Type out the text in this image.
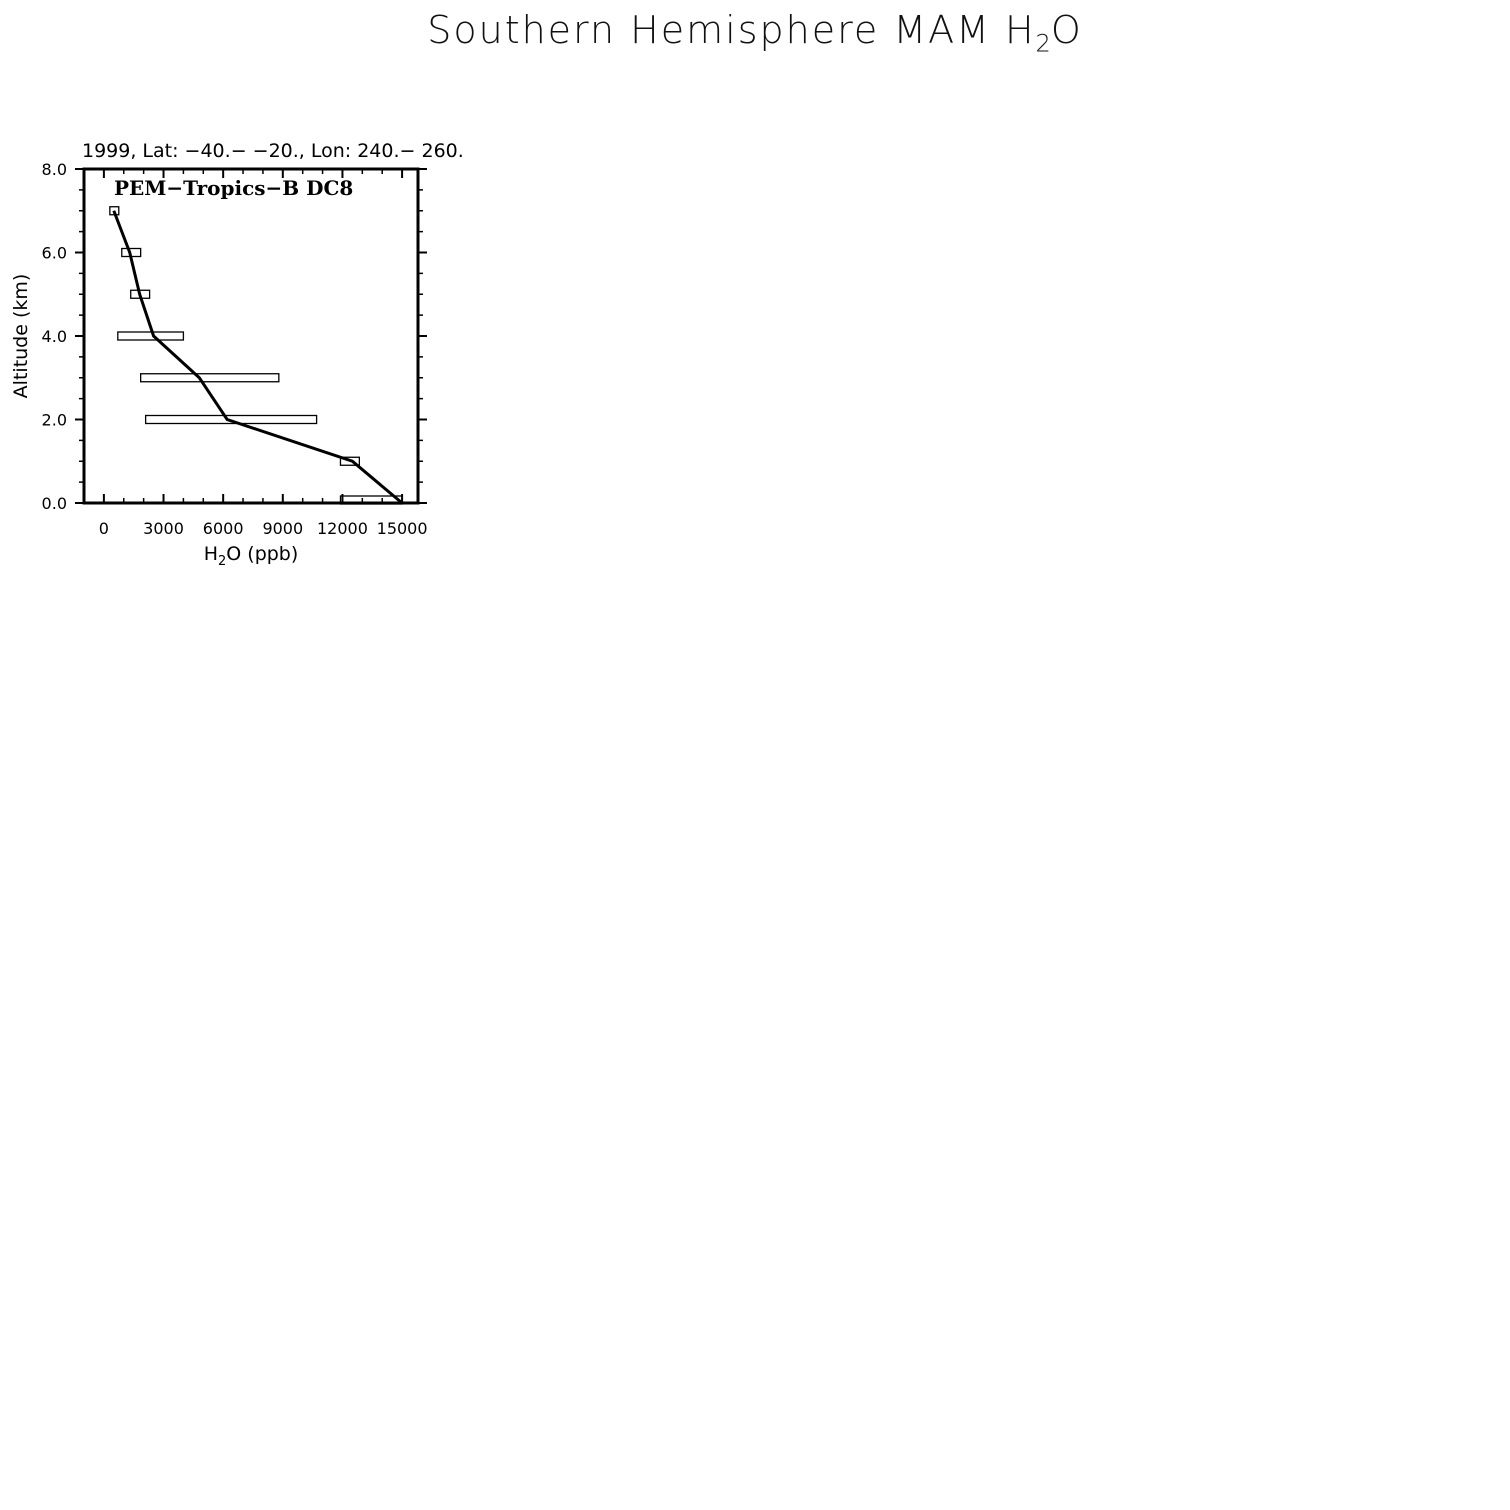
Southern Hemisphere MAM $H_2O$
1999, Lat: −40.− −20., Lon: 240.− 260.
PEM−Tropics−B DC8
0 3000 6000 9000 12000 15000
0.0
2.0
4.0
6.0
8.0
$H_2O$ (ppb)
Altitude (km)
